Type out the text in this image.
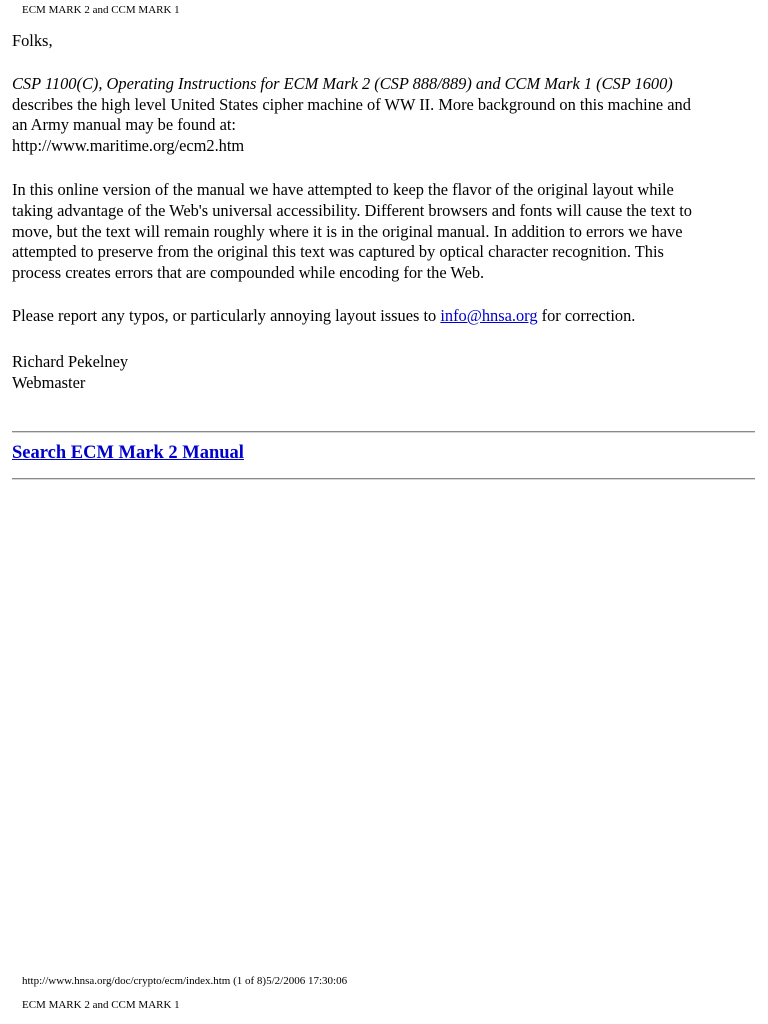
ECM MARK 2 and CCM MARK 1

Folks,

CSP 1100(C), Operating Instructions for ECM Mark 2 (CSP 888/889) and CCM Mark 1 (CSP 1600)
describes the high level United States cipher machine of WW II. More background on this machine and
an Army manual may be found at:
http://www.maritime.org/ecm2.htm

In this online version of the manual we have attempted to keep the flavor of the original layout while
taking advantage of the Web's universal accessibility. Different browsers and fonts will cause the text to
move, but the text will remain roughly where it is in the original manual. In addition to errors we have
attempted to preserve from the original this text was captured by optical character recognition. This
process creates errors that are compounded while encoding for the Web.

Please report any typos, or particularly annoying layout issues to info@hnsa.org for correction.

Richard Pekelney
Webmaster

Search ECM Mark 2 Manual
http://www.hnsa.org/doc/crypto/ecm/index.htm (1 of 8)5/2/2006 17:30:06
ECM MARK 2 and CCM MARK 1
